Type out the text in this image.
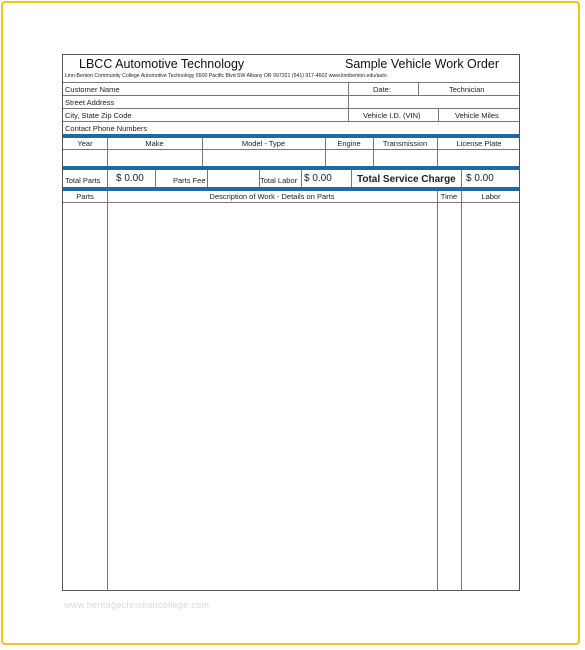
LBCC Automotive Technology	Sample Vehicle Work Order
Linn-Benton Community College Automotive Technology 6500 Pacific Blvd SW Albany OR 997321 (541) 917-4602 www.linnbenton.edu/auto
Customer Name	Date:	Technician
Street Address
City, State Zip Code	Vehicle I.D. (VIN)	Vehicle Miles
Contact Phone Numbers
Year	Make	Model - Type	Engine	Transmission	License Plate
Total Parts $ 0.00	Parts Fee	Total Labor $ 0.00	Total Service Charge $ 0.00
Parts	Description of Work - Details on Parts	Time	Labor
www.heritagechristiancollege.com
